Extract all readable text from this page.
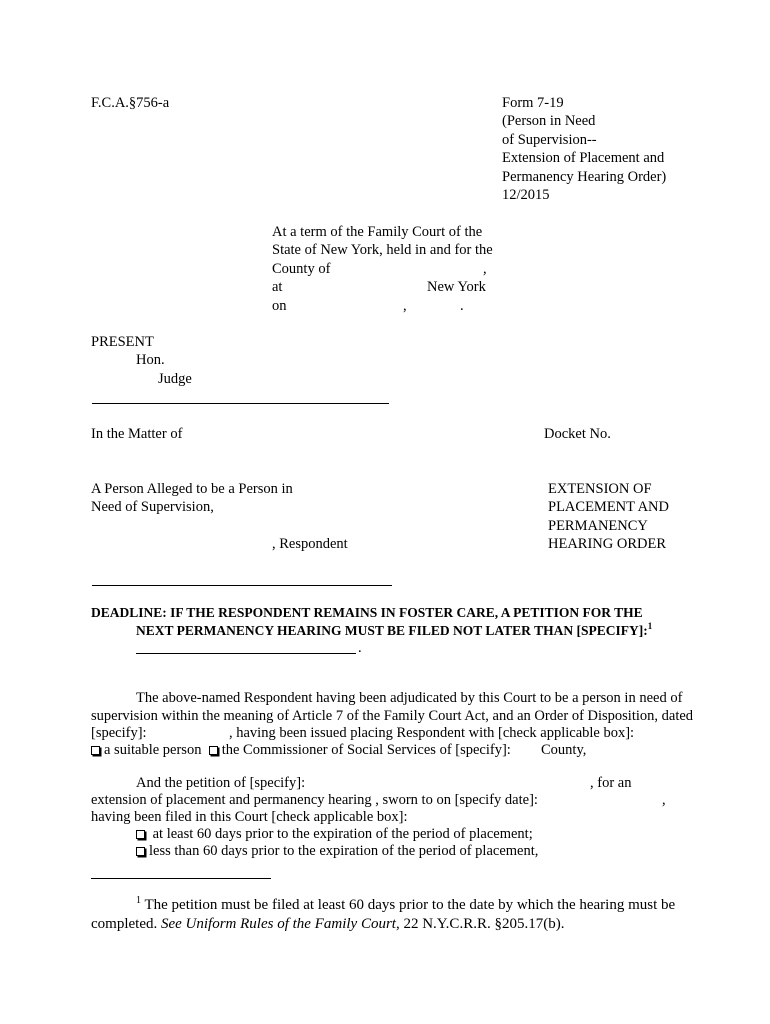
F.C.A.§756-a	Form 7-19
(Person in Need
of Supervision--
Extension of Placement and
Permanency Hearing Order)
12/2015
At a term of the Family Court of the
State of New York, held in and for the
County of	,
at	New York
on	,	.
PRESENT
Hon.
Judge
In the Matter of	Docket No.
A Person Alleged to be a Person in
Need of Supervision,
, Respondent
EXTENSION OF
PLACEMENT AND
PERMANENCY
HEARING ORDER
DEADLINE: IF THE RESPONDENT REMAINS IN FOSTER CARE, A PETITION FOR THE
NEXT PERMANENCY HEARING MUST BE FILED NOT LATER THAN [SPECIFY]:$^1$
.
The above-named Respondent having been adjudicated by this Court to be a person in need of
supervision within the meaning of Article 7 of the Family Court Act, and an Order of Disposition, dated
[specify]:	, having been issued placing Respondent with [check applicable box]:
a suitable person the Commissioner of Social Services of [specify]: County,
And the petition of [specify]:	, for an
extension of placement and permanency hearing , sworn to on [specify date]:	,
having been filed in this Court [check applicable box]:
at least 60 days prior to the expiration of the period of placement;
less than 60 days prior to the expiration of the period of placement,
$^1$ The petition must be filed at least 60 days prior to the date by which the hearing must be
completed. See Uniform Rules of the Family Court, 22 N.Y.C.R.R. §205.17(b).
